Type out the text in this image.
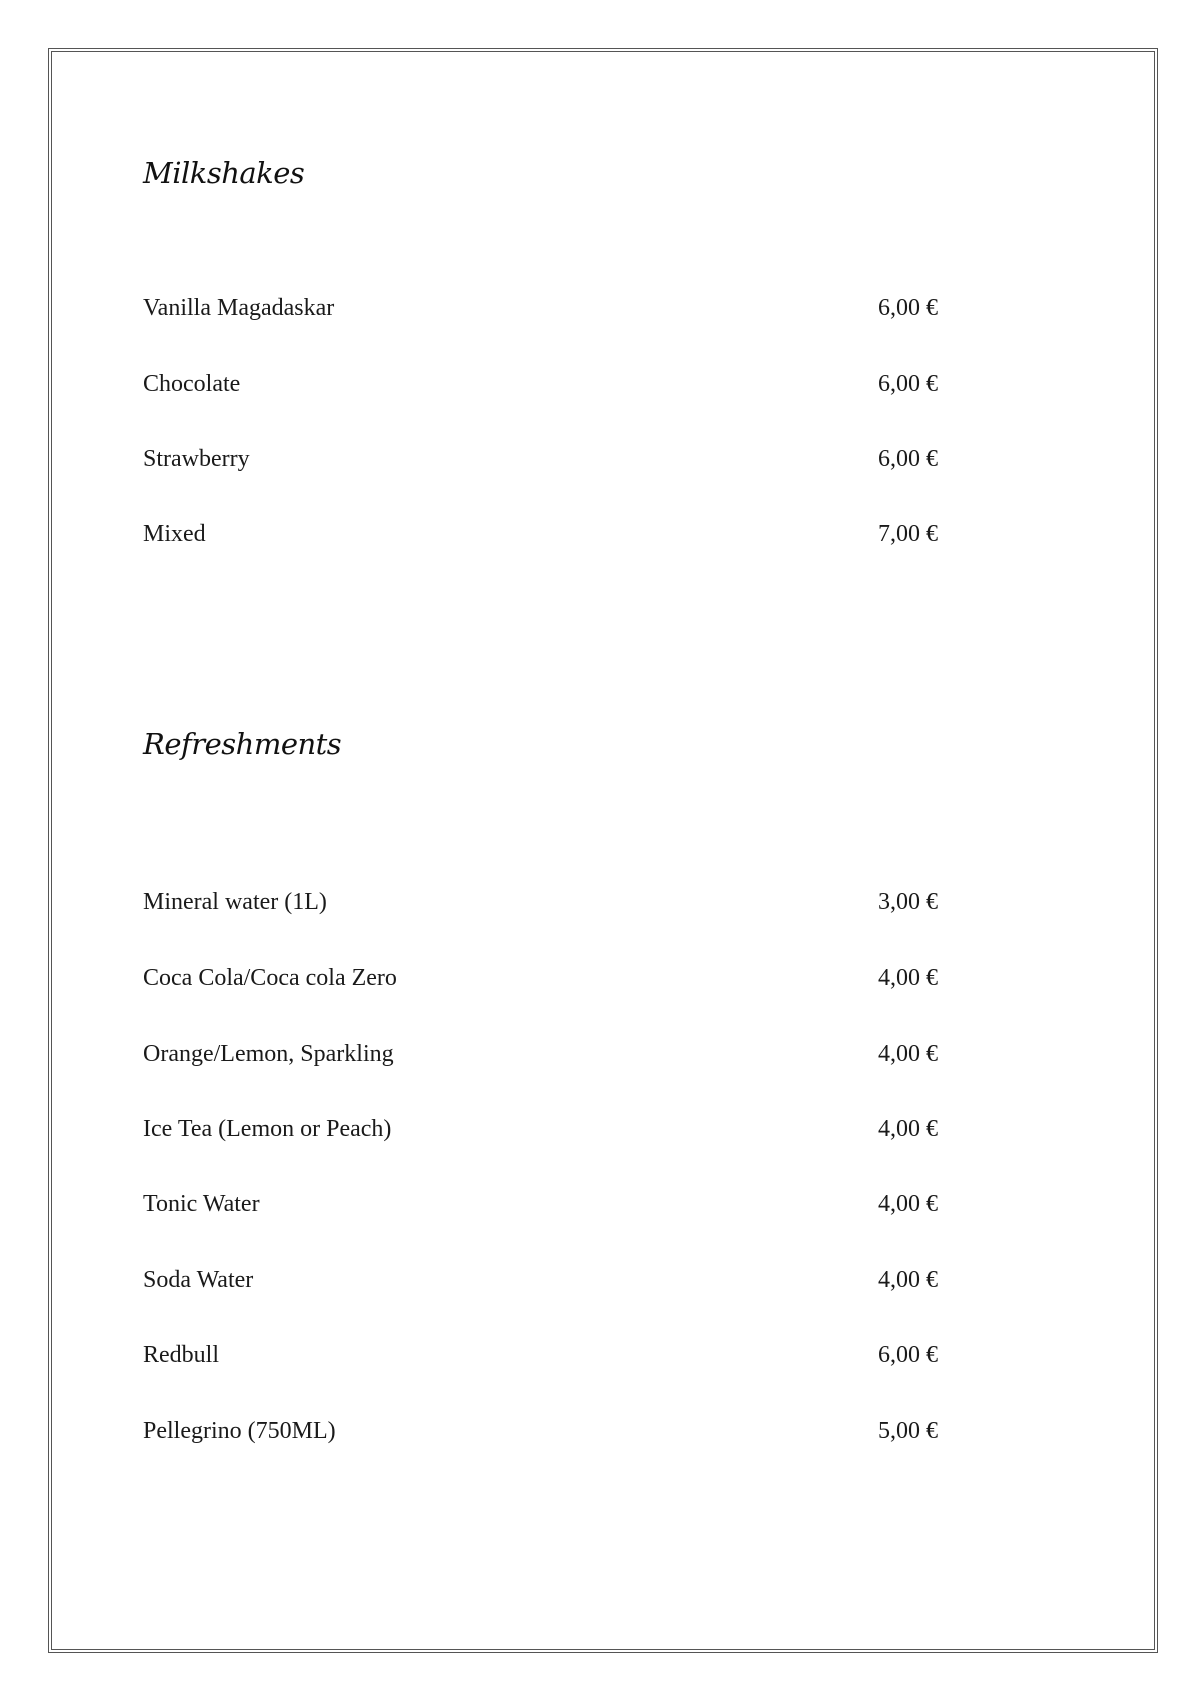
Milkshakes
Vanilla Magadaskar	6,00 €
Chocolate	6,00 €
Strawberry	6,00 €
Mixed	7,00 €
Refreshments
Mineral water (1L)	3,00 €
Coca Cola/Coca cola Zero	4,00 €
Orange/Lemon, Sparkling	4,00 €
Ice Tea (Lemon or Peach)	4,00 €
Tonic Water	4,00 €
Soda Water	4,00 €
Redbull	6,00 €
Pellegrino (750ML)	5,00 €
